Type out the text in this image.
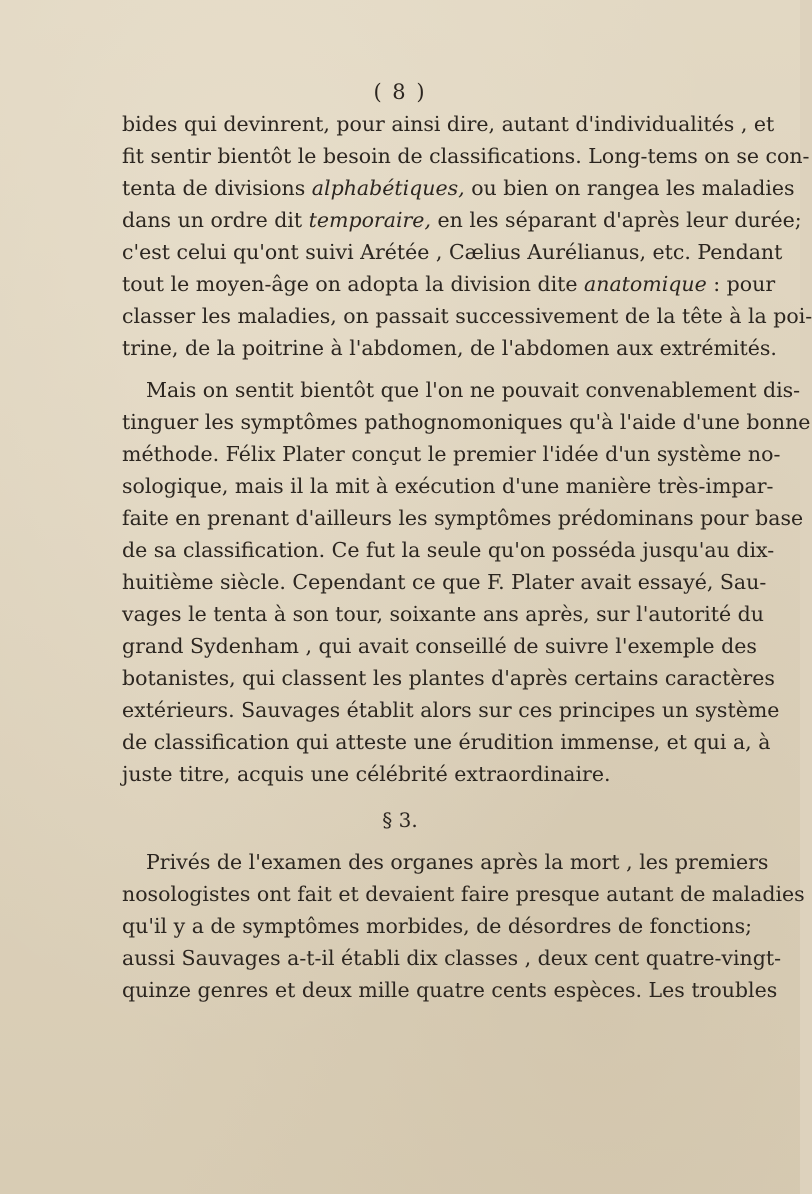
( 8 )
bides qui devinrent, pour ainsi dire, autant d'individualités , et
fit sentir bientôt le besoin de classifications. Long-tems on se con-
tenta de divisions alphabétiques, ou bien on rangea les maladies
dans un ordre dit temporaire, en les séparant d'après leur durée;
c'est celui qu'ont suivi Arétée , Cælius Aurélianus, etc. Pendant
tout le moyen-âge on adopta la division dite anatomique : pour
classer les maladies, on passait successivement de la tête à la poi-
trine, de la poitrine à l'abdomen, de l'abdomen aux extrémités.
Mais on sentit bientôt que l'on ne pouvait convenablement dis-
tinguer les symptômes pathognomoniques qu'à l'aide d'une bonne
méthode. Félix Plater conçut le premier l'idée d'un système no-
sologique, mais il la mit à exécution d'une manière très-impar-
faite en prenant d'ailleurs les symptômes prédominans pour base
de sa classification. Ce fut la seule qu'on posséda jusqu'au dix-
huitième siècle. Cependant ce que F. Plater avait essayé, Sau-
vages le tenta à son tour, soixante ans après, sur l'autorité du
grand Sydenham , qui avait conseillé de suivre l'exemple des
botanistes, qui classent les plantes d'après certains caractères
extérieurs. Sauvages établit alors sur ces principes un système
de classification qui atteste une érudition immense, et qui a, à
juste titre, acquis une célébrité extraordinaire.
§ 3.
Privés de l'examen des organes après la mort , les premiers
nosologistes ont fait et devaient faire presque autant de maladies
qu'il y a de symptômes morbides, de désordres de fonctions;
aussi Sauvages a-t-il établi dix classes , deux cent quatre-vingt-
quinze genres et deux mille quatre cents espèces. Les troubles
